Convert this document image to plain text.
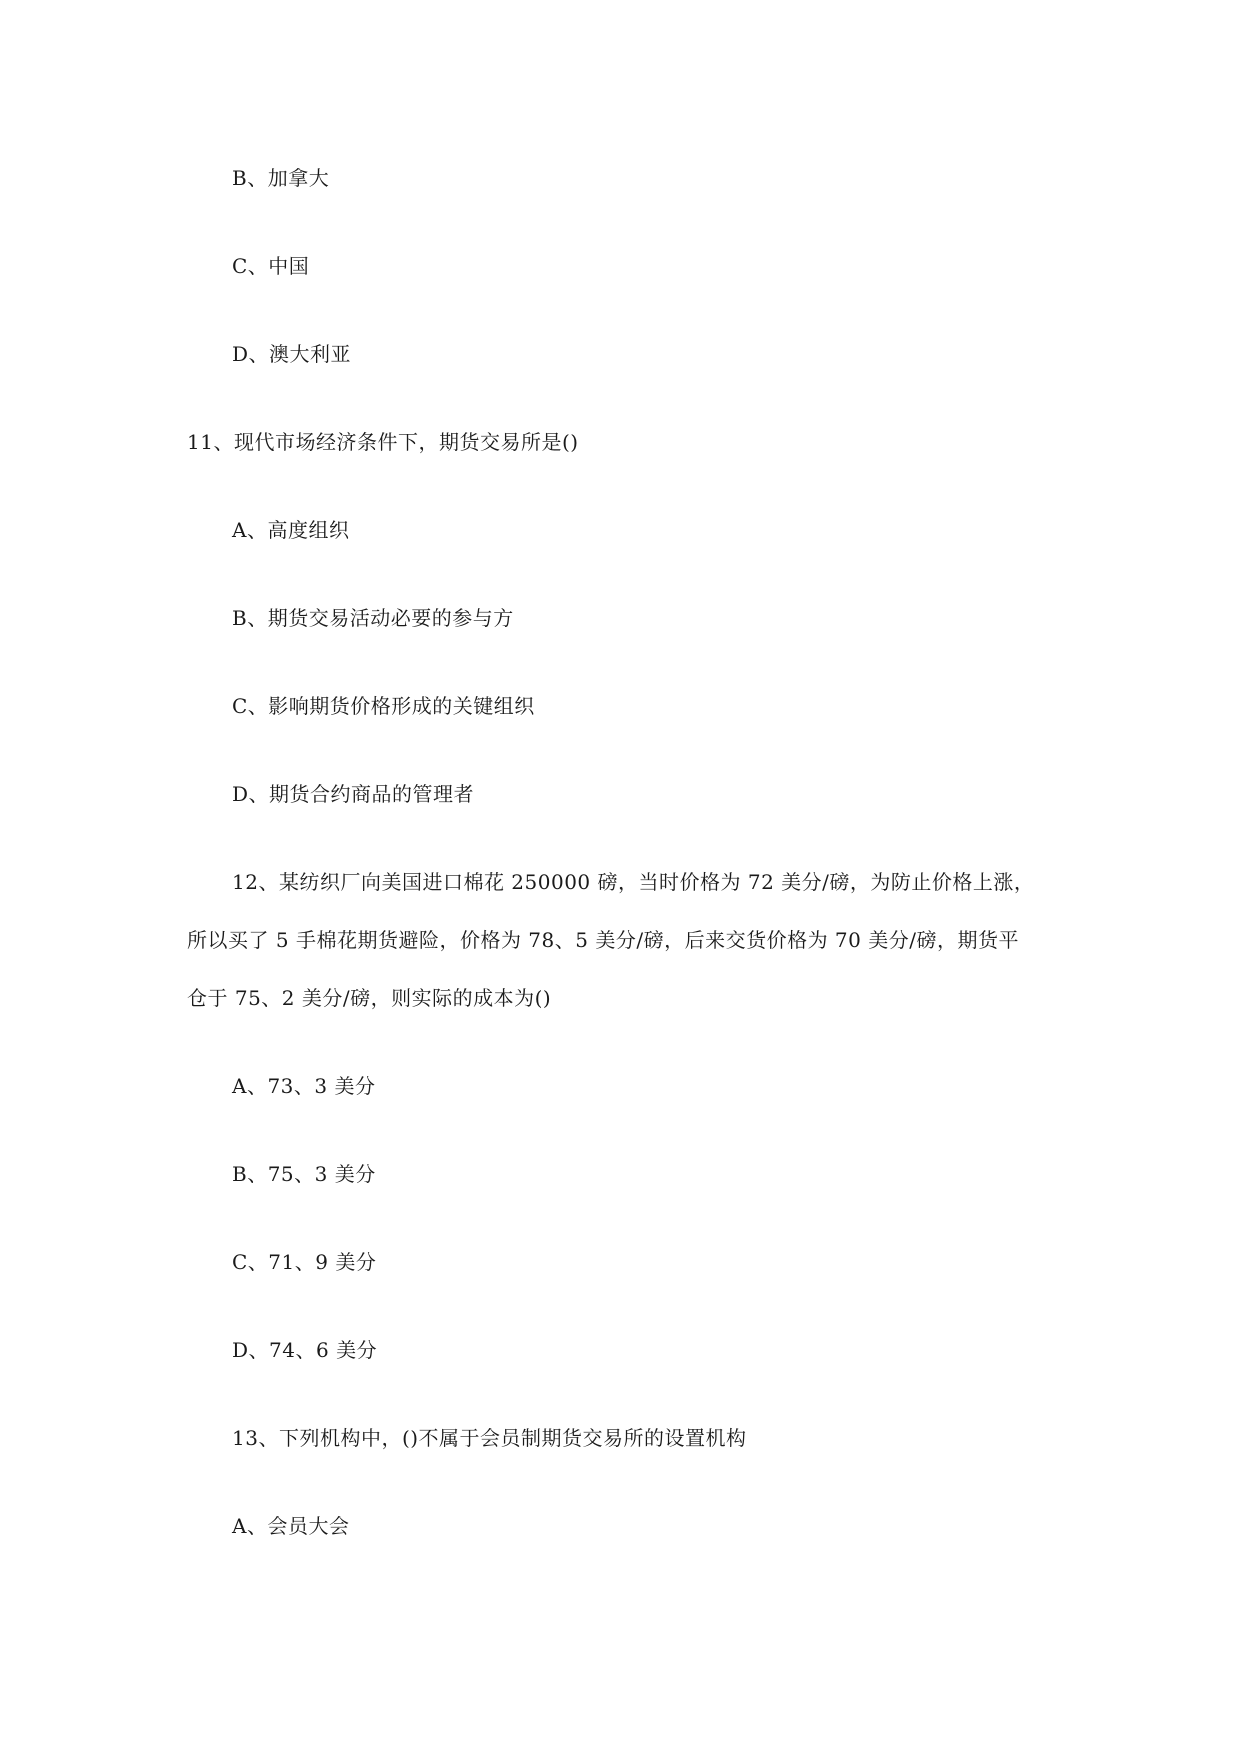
B、加拿大
C、中国
D、澳大利亚
11、现代市场经济条件下，期货交易所是()
A、高度组织
B、期货交易活动必要的参与方
C、影响期货价格形成的关键组织
D、期货合约商品的管理者
12、某纺织厂向美国进口棉花 250000 磅，当时价格为 72 美分/磅，为防止价格上涨，
所以买了 5 手棉花期货避险，价格为 78、5 美分/磅，后来交货价格为 70 美分/磅，期货平
仓于 75、2 美分/磅，则实际的成本为()
A、73、3 美分
B、75、3 美分
C、71、9 美分
D、74、6 美分
13、下列机构中，()不属于会员制期货交易所的设置机构
A、会员大会
